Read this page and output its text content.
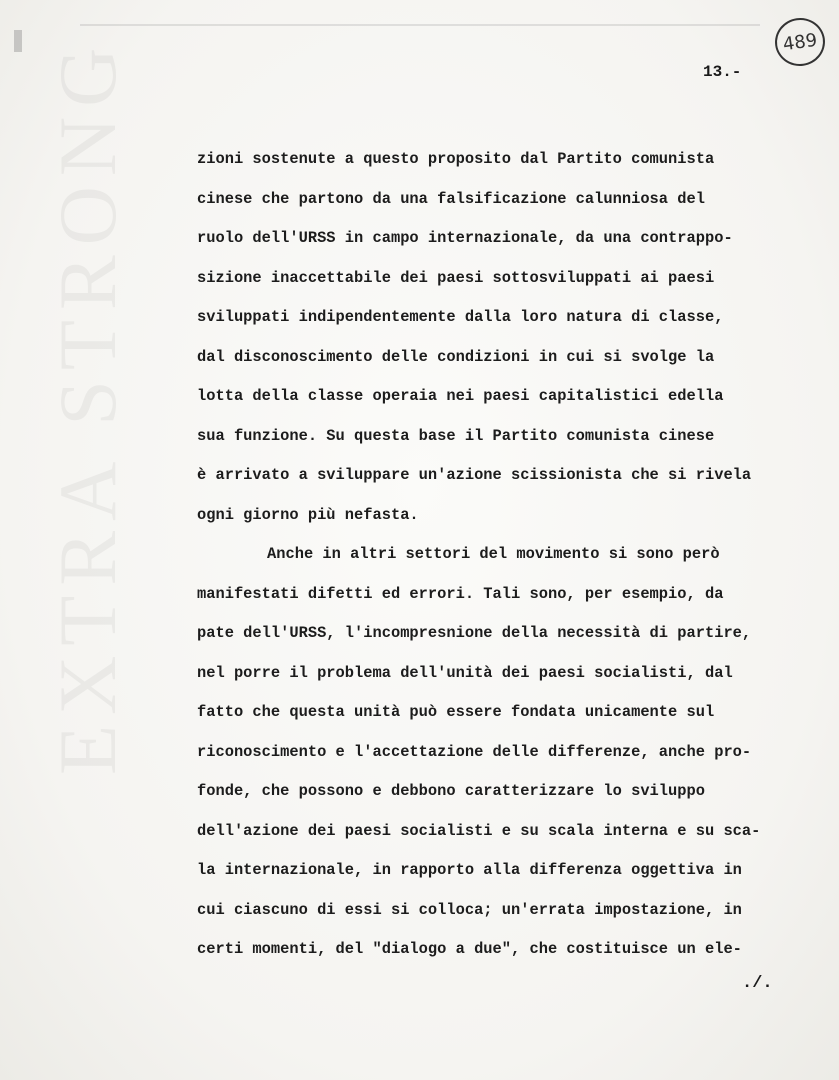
EXTRA STRONG	489
13.-
zioni sostenute a questo proposito dal Partito comunista
cinese che partono da una falsificazione calunniosa del
ruolo dell'URSS in campo internazionale, da una contrappo-
sizione inaccettabile dei paesi sottosviluppati ai paesi
sviluppati indipendentemente dalla loro natura di classe,
dal disconoscimento delle condizioni in cui si svolge la
lotta della classe operaia nei paesi capitalistici edella
sua funzione. Su questa base il Partito comunista cinese
è arrivato a sviluppare un'azione scissionista che si rivela
ogni giorno più nefasta.
Anche in altri settori del movimento si sono però
manifestati difetti ed errori. Tali sono, per esempio, da
pate dell'URSS, l'incompresnione della necessità di partire,
nel porre il problema dell'unità dei paesi socialisti, dal
fatto che questa unità può essere fondata unicamente sul
riconoscimento e l'accettazione delle differenze, anche pro-
fonde, che possono e debbono caratterizzare lo sviluppo
dell'azione dei paesi socialisti e su scala interna e su sca-
la internazionale, in rapporto alla differenza oggettiva in
cui ciascuno di essi si colloca; un'errata impostazione, in
certi momenti, del "dialogo a due", che costituisce un ele-
./.
